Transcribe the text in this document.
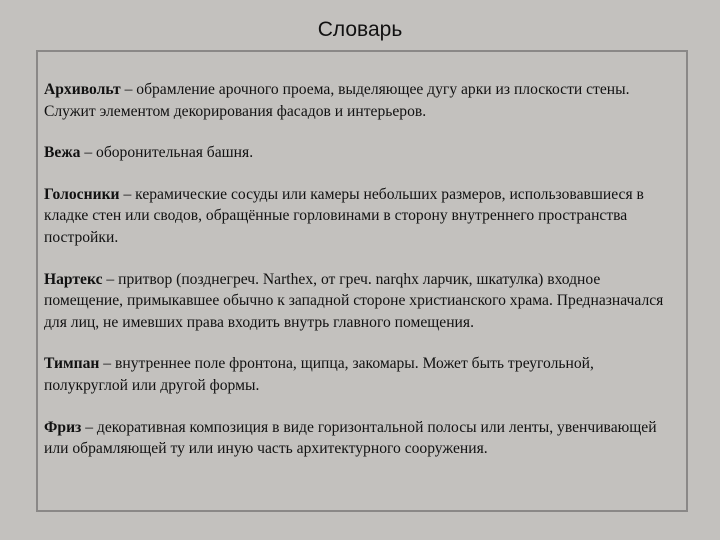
Словарь

Архивольт – обрамление арочного проема, выделяющее дугу арки из плоскости стены. Служит элементом декорирования фасадов и интерьеров.

Вежа – оборонительная башня.

Голосники – керамические сосуды или камеры небольших размеров, использовавшиеся в кладке стен или сводов, обращённые горловинами в сторону внутреннего пространства постройки.

Нартекс – притвор (позднегреч. Narthex, от греч. narqhx ларчик, шкатулка) входное помещение, примыкавшее обычно к западной стороне христианского храма. Предназначался для лиц, не имевших права входить внутрь главного помещения.

Тимпан – внутреннее поле фронтона, щипца, закомары. Может быть треугольной, полукруглой или другой формы.

Фриз – декоративная композиция в виде горизонтальной полосы или ленты, увенчивающей или обрамляющей ту или иную часть архитектурного сооружения.
